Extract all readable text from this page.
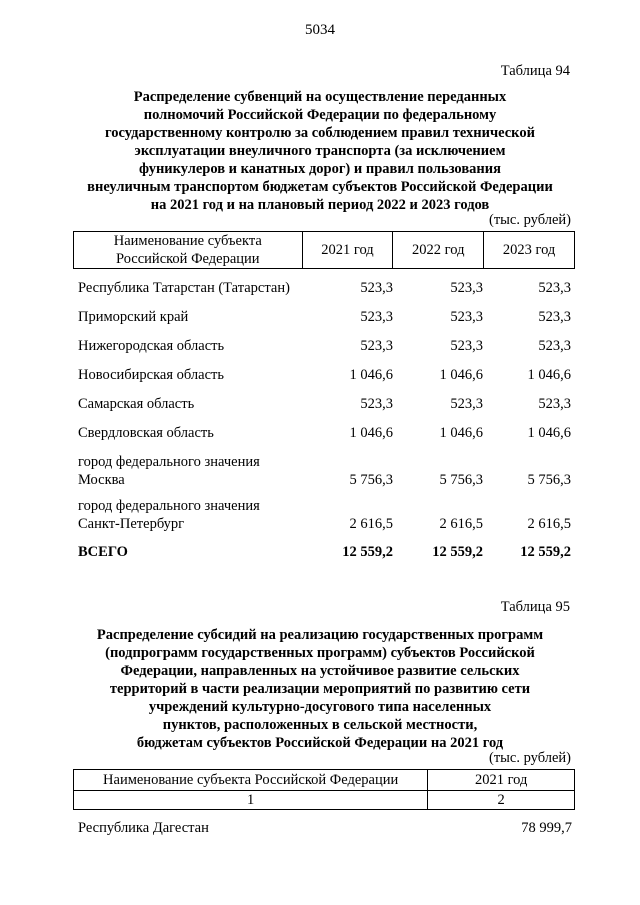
5034
Таблица 94
Распределение субвенций на осуществление переданных
полномочий Российской Федерации по федеральному
государственному контролю за соблюдением правил технической
эксплуатации внеуличного транспорта (за исключением
фуникулеров и канатных дорог) и правил пользования
внеуличным транспортом бюджетам субъектов Российской Федерации
на 2021 год и на плановый период 2022 и 2023 годов
(тыс. рублей)
Наименование субъекта
Российской Федерации
	2021 год	2022 год	2023 год
Республика Татарстан (Татарстан)	523,3	523,3	523,3
Приморский край	523,3	523,3	523,3
Нижегородская область	523,3	523,3	523,3
Новосибирская область	1 046,6	1 046,6	1 046,6
Самарская область	523,3	523,3	523,3
Свердловская область	1 046,6	1 046,6	1 046,6
город федерального значения
Москва	5 756,3	5 756,3	5 756,3
город федерального значения
Санкт-Петербург	2 616,5	2 616,5	2 616,5
ВСЕГО	12 559,2	12 559,2	12 559,2
Таблица 95
Распределение субсидий на реализацию государственных программ
(подпрограмм государственных программ) субъектов Российской
Федерации, направленных на устойчивое развитие сельских
территорий в части реализации мероприятий по развитию сети
учреждений культурно-досугового типа населенных
пунктов, расположенных в сельской местности,
бюджетам субъектов Российской Федерации на 2021 год
(тыс. рублей)
Наименование субъекта Российской Федерации	2021 год
1	2
Республика Дагестан	78 999,7
